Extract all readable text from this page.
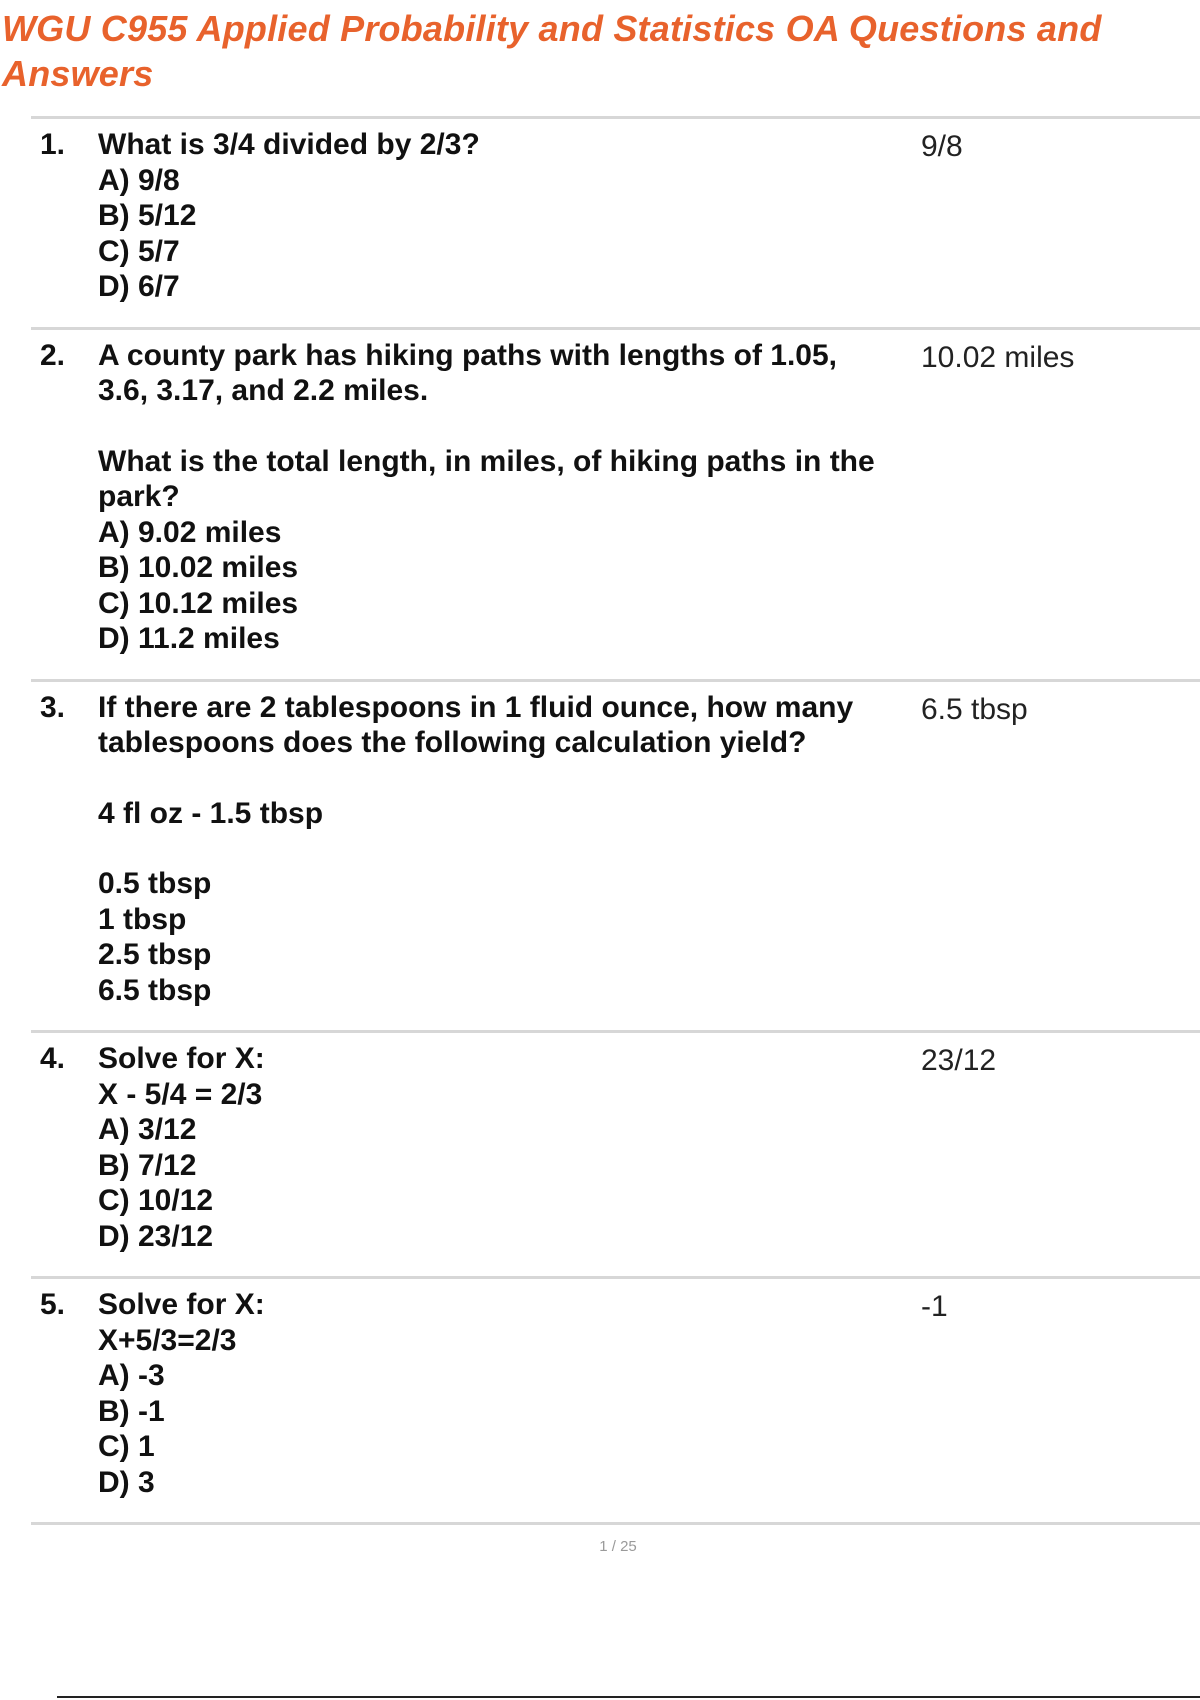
WGU C955 Applied Probability and Statistics OA Questions and Answers
1. What is 3/4 divided by 2/3?
A) 9/8
B) 5/12
C) 5/7
D) 6/7
9/8
2. A county park has hiking paths with lengths of 1.05,
3.6, 3.17, and 2.2 miles.
What is the total length, in miles, of hiking paths in the
park?
A) 9.02 miles
B) 10.02 miles
C) 10.12 miles
D) 11.2 miles
10.02 miles
3. If there are 2 tablespoons in 1 fluid ounce, how many
tablespoons does the following calculation yield?
4 fl oz - 1.5 tbsp
0.5 tbsp
1 tbsp
2.5 tbsp
6.5 tbsp
6.5 tbsp
4. Solve for X:
X - 5/4 = 2/3
A) 3/12
B) 7/12
C) 10/12
D) 23/12
23/12
5. Solve for X:
X+5/3=2/3
A) -3
B) -1
C) 1
D) 3
-1
1 / 25
